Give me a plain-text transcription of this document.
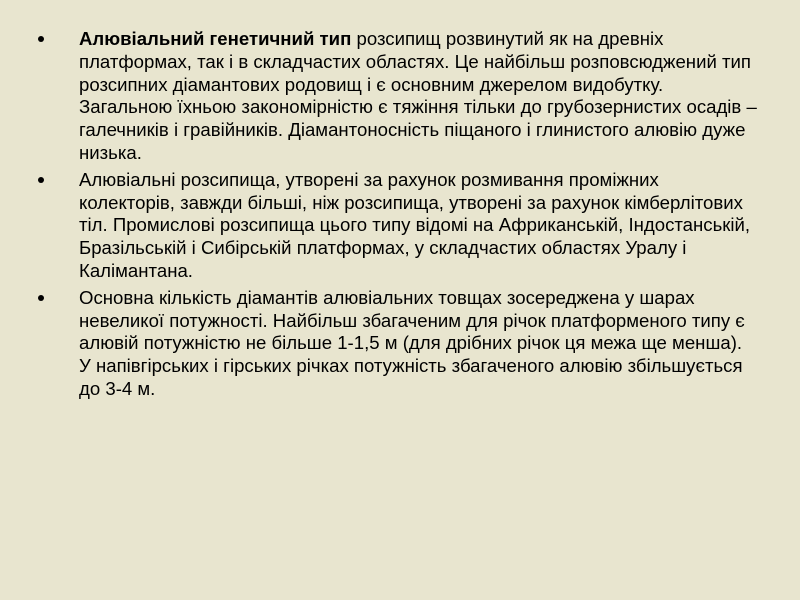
Алювіальний генетичний тип розсипищ розвинутий як на древніх платформах, так і в складчастих областях. Це найбільш розповсюджений тип розсипних діамантових родовищ і є основним джерелом видобутку. Загальною їхньою закономірністю є тяжіння тільки до грубозернистих осадів – галечників і гравійників. Діамантоносність піщаного і глинистого алювію дуже низька.
Алювіальні розсипища, утворені за рахунок розмивання проміжних колекторів, завжди більші, ніж розсипища, утворені за рахунок кімберлітових тіл. Промислові розсипища цього типу відомі на Африканській, Індостанській, Бразільській і Сибірській платформах, у складчастих областях Уралу і Калімантана.
Основна кількість діамантів алювіальних товщах зосереджена у шарах невеликої потужності. Найбільш збагаченим для річок платформеного типу є алювій потужністю не більше 1-1,5 м (для дрібних річок ця межа ще менша). У напівгірських і гірських річках потужність збагаченого алювію збільшується до 3-4 м.
